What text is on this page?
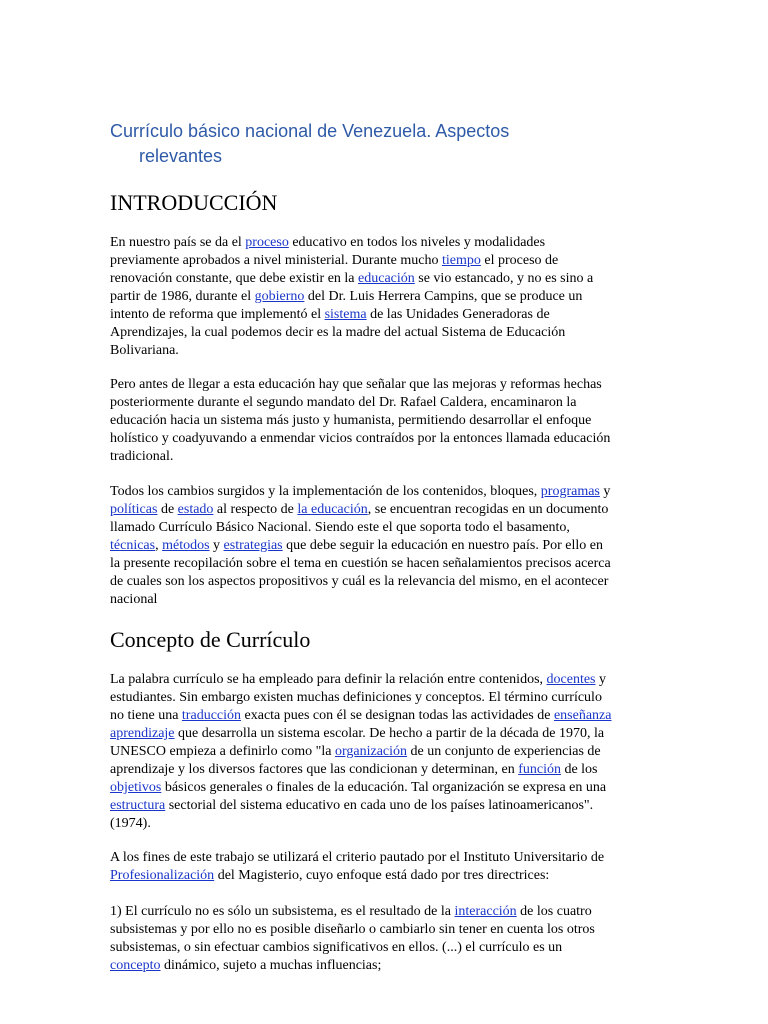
Currículo básico nacional de Venezuela. Aspectos
relevantes
INTRODUCCIÓN
En nuestro país se da el proceso educativo en todos los niveles y modalidades
previamente aprobados a nivel ministerial. Durante mucho tiempo el proceso de
renovación constante, que debe existir en la educación se vio estancado, y no es sino a
partir de 1986, durante el gobierno del Dr. Luis Herrera Campins, que se produce un
intento de reforma que implementó el sistema de las Unidades Generadoras de
Aprendizajes, la cual podemos decir es la madre del actual Sistema de Educación
Bolivariana.
Pero antes de llegar a esta educación hay que señalar que las mejoras y reformas hechas
posteriormente durante el segundo mandato del Dr. Rafael Caldera, encaminaron la
educación hacia un sistema más justo y humanista, permitiendo desarrollar el enfoque
holístico y coadyuvando a enmendar vicios contraídos por la entonces llamada educación
tradicional.
Todos los cambios surgidos y la implementación de los contenidos, bloques, programas y
políticas de estado al respecto de la educación, se encuentran recogidas en un documento
llamado Currículo Básico Nacional. Siendo este el que soporta todo el basamento,
técnicas, métodos y estrategias que debe seguir la educación en nuestro país. Por ello en
la presente recopilación sobre el tema en cuestión se hacen señalamientos precisos acerca
de cuales son los aspectos propositivos y cuál es la relevancia del mismo, en el acontecer
nacional
Concepto de Currículo
La palabra currículo se ha empleado para definir la relación entre contenidos, docentes y
estudiantes. Sin embargo existen muchas definiciones y conceptos. El término currículo
no tiene una traducción exacta pues con él se designan todas las actividades de enseñanza
aprendizaje que desarrolla un sistema escolar. De hecho a partir de la década de 1970, la
UNESCO empieza a definirlo como "la organización de un conjunto de experiencias de
aprendizaje y los diversos factores que las condicionan y determinan, en función de los
objetivos básicos generales o finales de la educación. Tal organización se expresa en una
estructura sectorial del sistema educativo en cada uno de los países latinoamericanos".
(1974).
A los fines de este trabajo se utilizará el criterio pautado por el Instituto Universitario de
Profesionalización del Magisterio, cuyo enfoque está dado por tres directrices:
1) El currículo no es sólo un subsistema, es el resultado de la interacción de los cuatro
subsistemas y por ello no es posible diseñarlo o cambiarlo sin tener en cuenta los otros
subsistemas, o sin efectuar cambios significativos en ellos. (...) el currículo es un
concepto dinámico, sujeto a muchas influencias;
